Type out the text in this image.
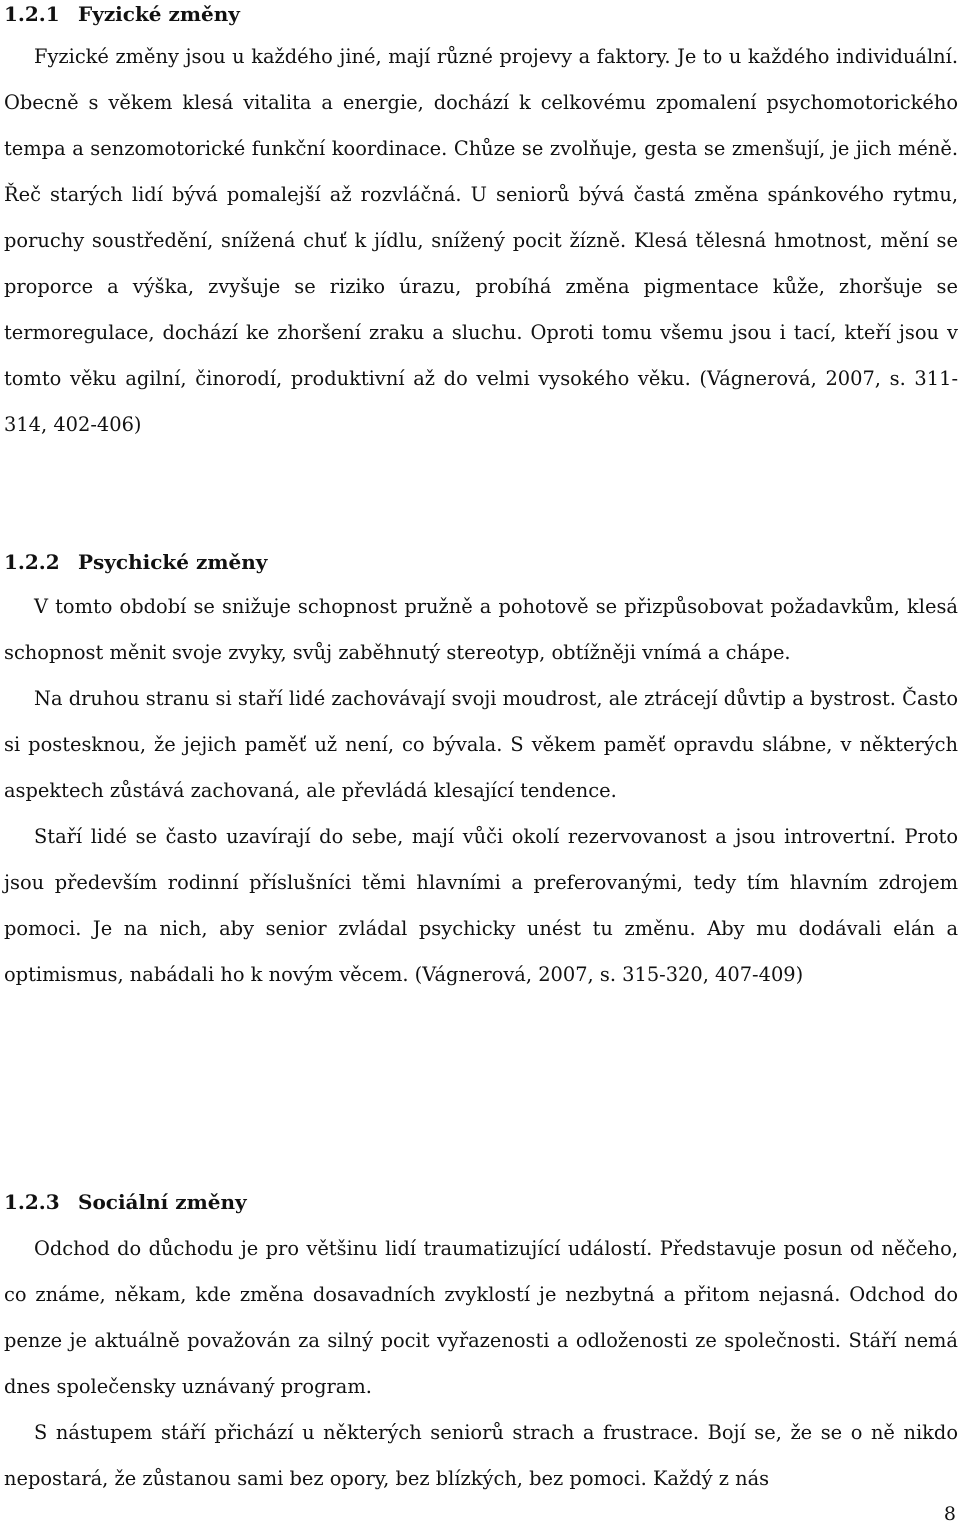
1.2.1 Fyzické změny

Fyzické změny jsou u každého jiné, mají různé projevy a faktory. Je to u každého individuální. Obecně s věkem klesá vitalita a energie, dochází k celkovému zpomalení psychomotorického tempa a senzomotorické funkční koordinace. Chůze se zvolňuje, gesta se zmenšují, je jich méně. Řeč starých lidí bývá pomalejší až rozvláčná. U seniorů bývá častá změna spánkového rytmu, poruchy soustředění, snížená chuť k jídlu, snížený pocit žízně. Klesá tělesná hmotnost, mění se proporce a výška, zvyšuje se riziko úrazu, probíhá změna pigmentace kůže, zhoršuje se termoregulace, dochází ke zhoršení zraku a sluchu. Oproti tomu všemu jsou i tací, kteří jsou v tomto věku agilní, činorodí, produktivní až do velmi vysokého věku. (Vágnerová, 2007, s. 311-314, 402-406)

1.2.2 Psychické změny

V tomto období se snižuje schopnost pružně a pohotově se přizpůsobovat požadavkům, klesá schopnost měnit svoje zvyky, svůj zaběhnutý stereotyp, obtížněji vnímá a chápe.

Na druhou stranu si staří lidé zachovávají svoji moudrost, ale ztrácejí důvtip a bystrost. Často si postesknou, že jejich paměť už není, co bývala. S věkem paměť opravdu slábne, v některých aspektech zůstává zachovaná, ale převládá klesající tendence.

Staří lidé se často uzavírají do sebe, mají vůči okolí rezervovanost a jsou introvertní. Proto jsou především rodinní příslušníci těmi hlavními a preferovanými, tedy tím hlavním zdrojem pomoci. Je na nich, aby senior zvládal psychicky unést tu změnu. Aby mu dodávali elán a optimismus, nabádali ho k novým věcem. (Vágnerová, 2007, s. 315-320, 407-409)

1.2.3 Sociální změny

Odchod do důchodu je pro většinu lidí traumatizující událostí. Představuje posun od něčeho, co známe, někam, kde změna dosavadních zvyklostí je nezbytná a přitom nejasná. Odchod do penze je aktuálně považován za silný pocit vyřazenosti a odloženosti ze společnosti. Stáří nemá dnes společensky uznávaný program.

S nástupem stáří přichází u některých seniorů strach a frustrace. Bojí se, že se o ně nikdo nepostará, že zůstanou sami bez opory, bez blízkých, bez pomoci. Každý z nás

8
